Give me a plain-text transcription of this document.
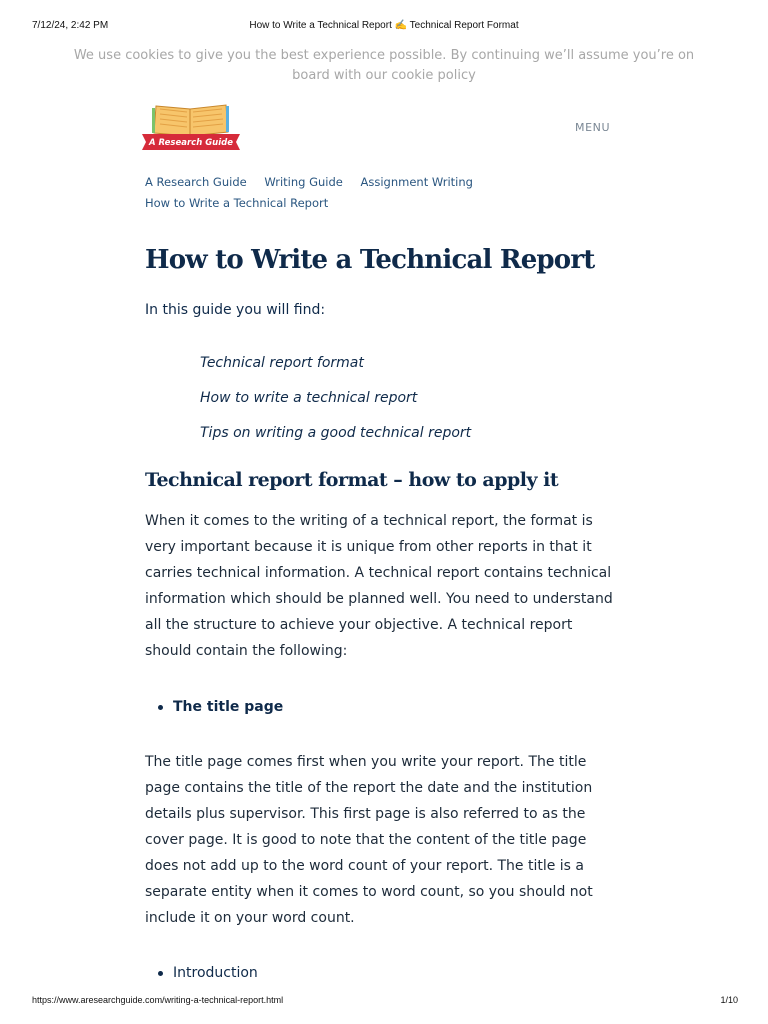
7/12/24, 2:42 PM	How to Write a Technical Report ✍️ Technical Report Format
We use cookies to give you the best experience possible. By continuing we’ll assume you’re on board with our cookie policy
A Research Guide
MENU
A Research Guide Writing Guide Assignment Writing
How to Write a Technical Report
How to Write a Technical Report
In this guide you will find:
Technical report format
How to write a technical report
Tips on writing a good technical report
Technical report format – how to apply it

When it comes to the writing of a technical report, the format is very important because it is unique from other reports in that it carries technical information. A technical report contains technical information which should be planned well. You need to understand all the structure to achieve your objective. A technical report should contain the following:

The title page

The title page comes first when you write your report. The title page contains the title of the report the date and the institution details plus supervisor. This first page is also referred to as the cover page. It is good to note that the content of the title page does not add up to the word count of your report. The title is a separate entity when it comes to word count, so you should not include it on your word count.

Introduction
https://www.aresearchguide.com/writing-a-technical-report.html	1/10
